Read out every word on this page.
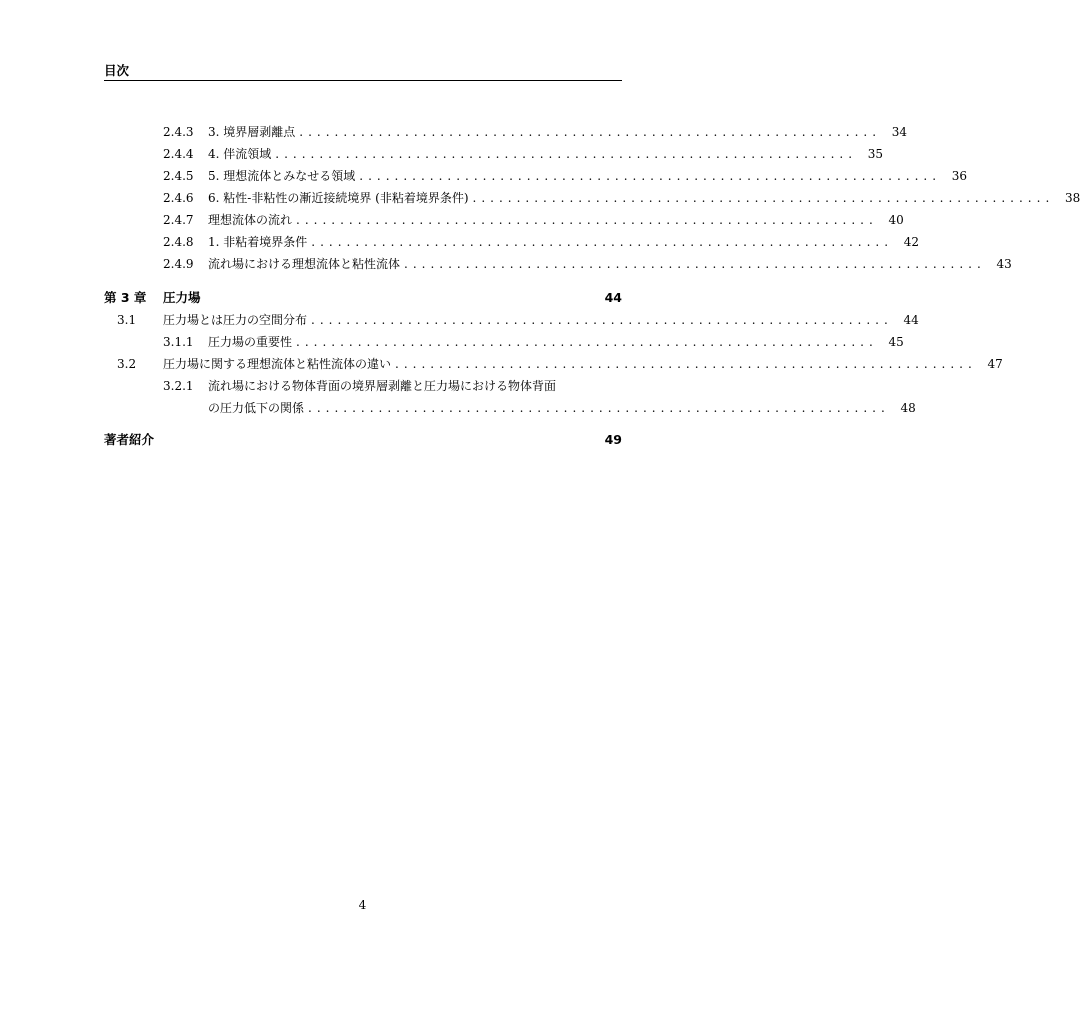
目次
2.4.3 3. 境界層剥離点 .................................................................. 34
2.4.4 4. 伴流領域 .................................................................. 35
2.4.5 5. 理想流体とみなせる領域 .................................................................. 36
2.4.6 6. 粘性-非粘性の漸近接続境界 (非粘着境界条件) .................................................................. 38
2.4.7 理想流体の流れ .................................................................. 40
2.4.8 1. 非粘着境界条件 .................................................................. 42
2.4.9 流れ場における理想流体と粘性流体 .................................................................. 43
第 3 章 圧力場	44
3.1 圧力場とは圧力の空間分布 .................................................................. 44
3.1.1 圧力場の重要性 .................................................................. 45
3.2 圧力場に関する理想流体と粘性流体の違い .................................................................. 47
3.2.1 流れ場における物体背面の境界層剥離と圧力場における物体背面
の圧力低下の関係 .................................................................. 48
著者紹介	49
4
